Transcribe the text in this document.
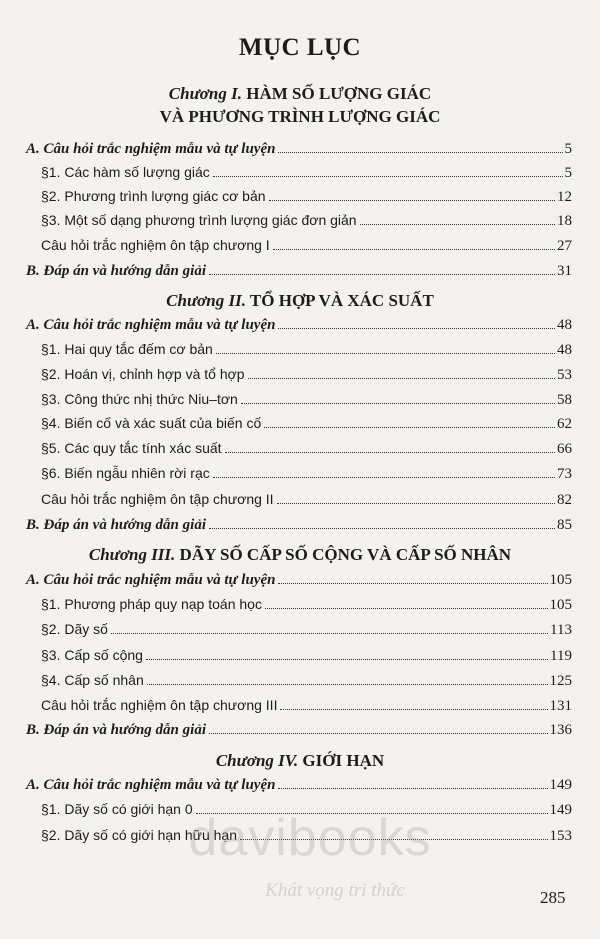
MỤC LỤC
Chương I. HÀM SỐ LƯỢNG GIÁC
VÀ PHƯƠNG TRÌNH LƯỢNG GIÁC
A. Câu hỏi trắc nghiệm mẫu và tự luyện	5
§1. Các hàm số lượng giác	5
§2. Phương trình lượng giác cơ bản	12
§3. Một số dạng phương trình lượng giác đơn giản	18
Câu hỏi trắc nghiệm ôn tập chương I	27
B. Đáp án và hướng dẫn giải	31
Chương II. TỔ HỢP VÀ XÁC SUẤT
A. Câu hỏi trắc nghiệm mẫu và tự luyện	48
§1. Hai quy tắc đếm cơ bản	48
§2. Hoán vị, chỉnh hợp và tổ hợp	53
§3. Công thức nhị thức Niu–tơn	58
§4. Biến cố và xác suất của biến cố	62
§5. Các quy tắc tính xác suất	66
§6. Biến ngẫu nhiên rời rạc	73
Câu hỏi trắc nghiệm ôn tập chương II	82
B. Đáp án và hướng dẫn giải	85
Chương III. DÃY SỐ CẤP SỐ CỘNG VÀ CẤP SỐ NHÂN
A. Câu hỏi trắc nghiệm mẫu và tự luyện	105
§1. Phương pháp quy nạp toán học	105
§2. Dãy số	113
§3. Cấp số cộng	119
§4. Cấp số nhân	125
Câu hỏi trắc nghiệm ôn tập chương III	131
B. Đáp án và hướng dẫn giải	136
Chương IV. GIỚI HẠN
A. Câu hỏi trắc nghiệm mẫu và tự luyện	149
§1. Dãy số có giới hạn 0	149
§2. Dãy số có giới hạn hữu hạn	153
davibooks
Khát vọng tri thức	285
